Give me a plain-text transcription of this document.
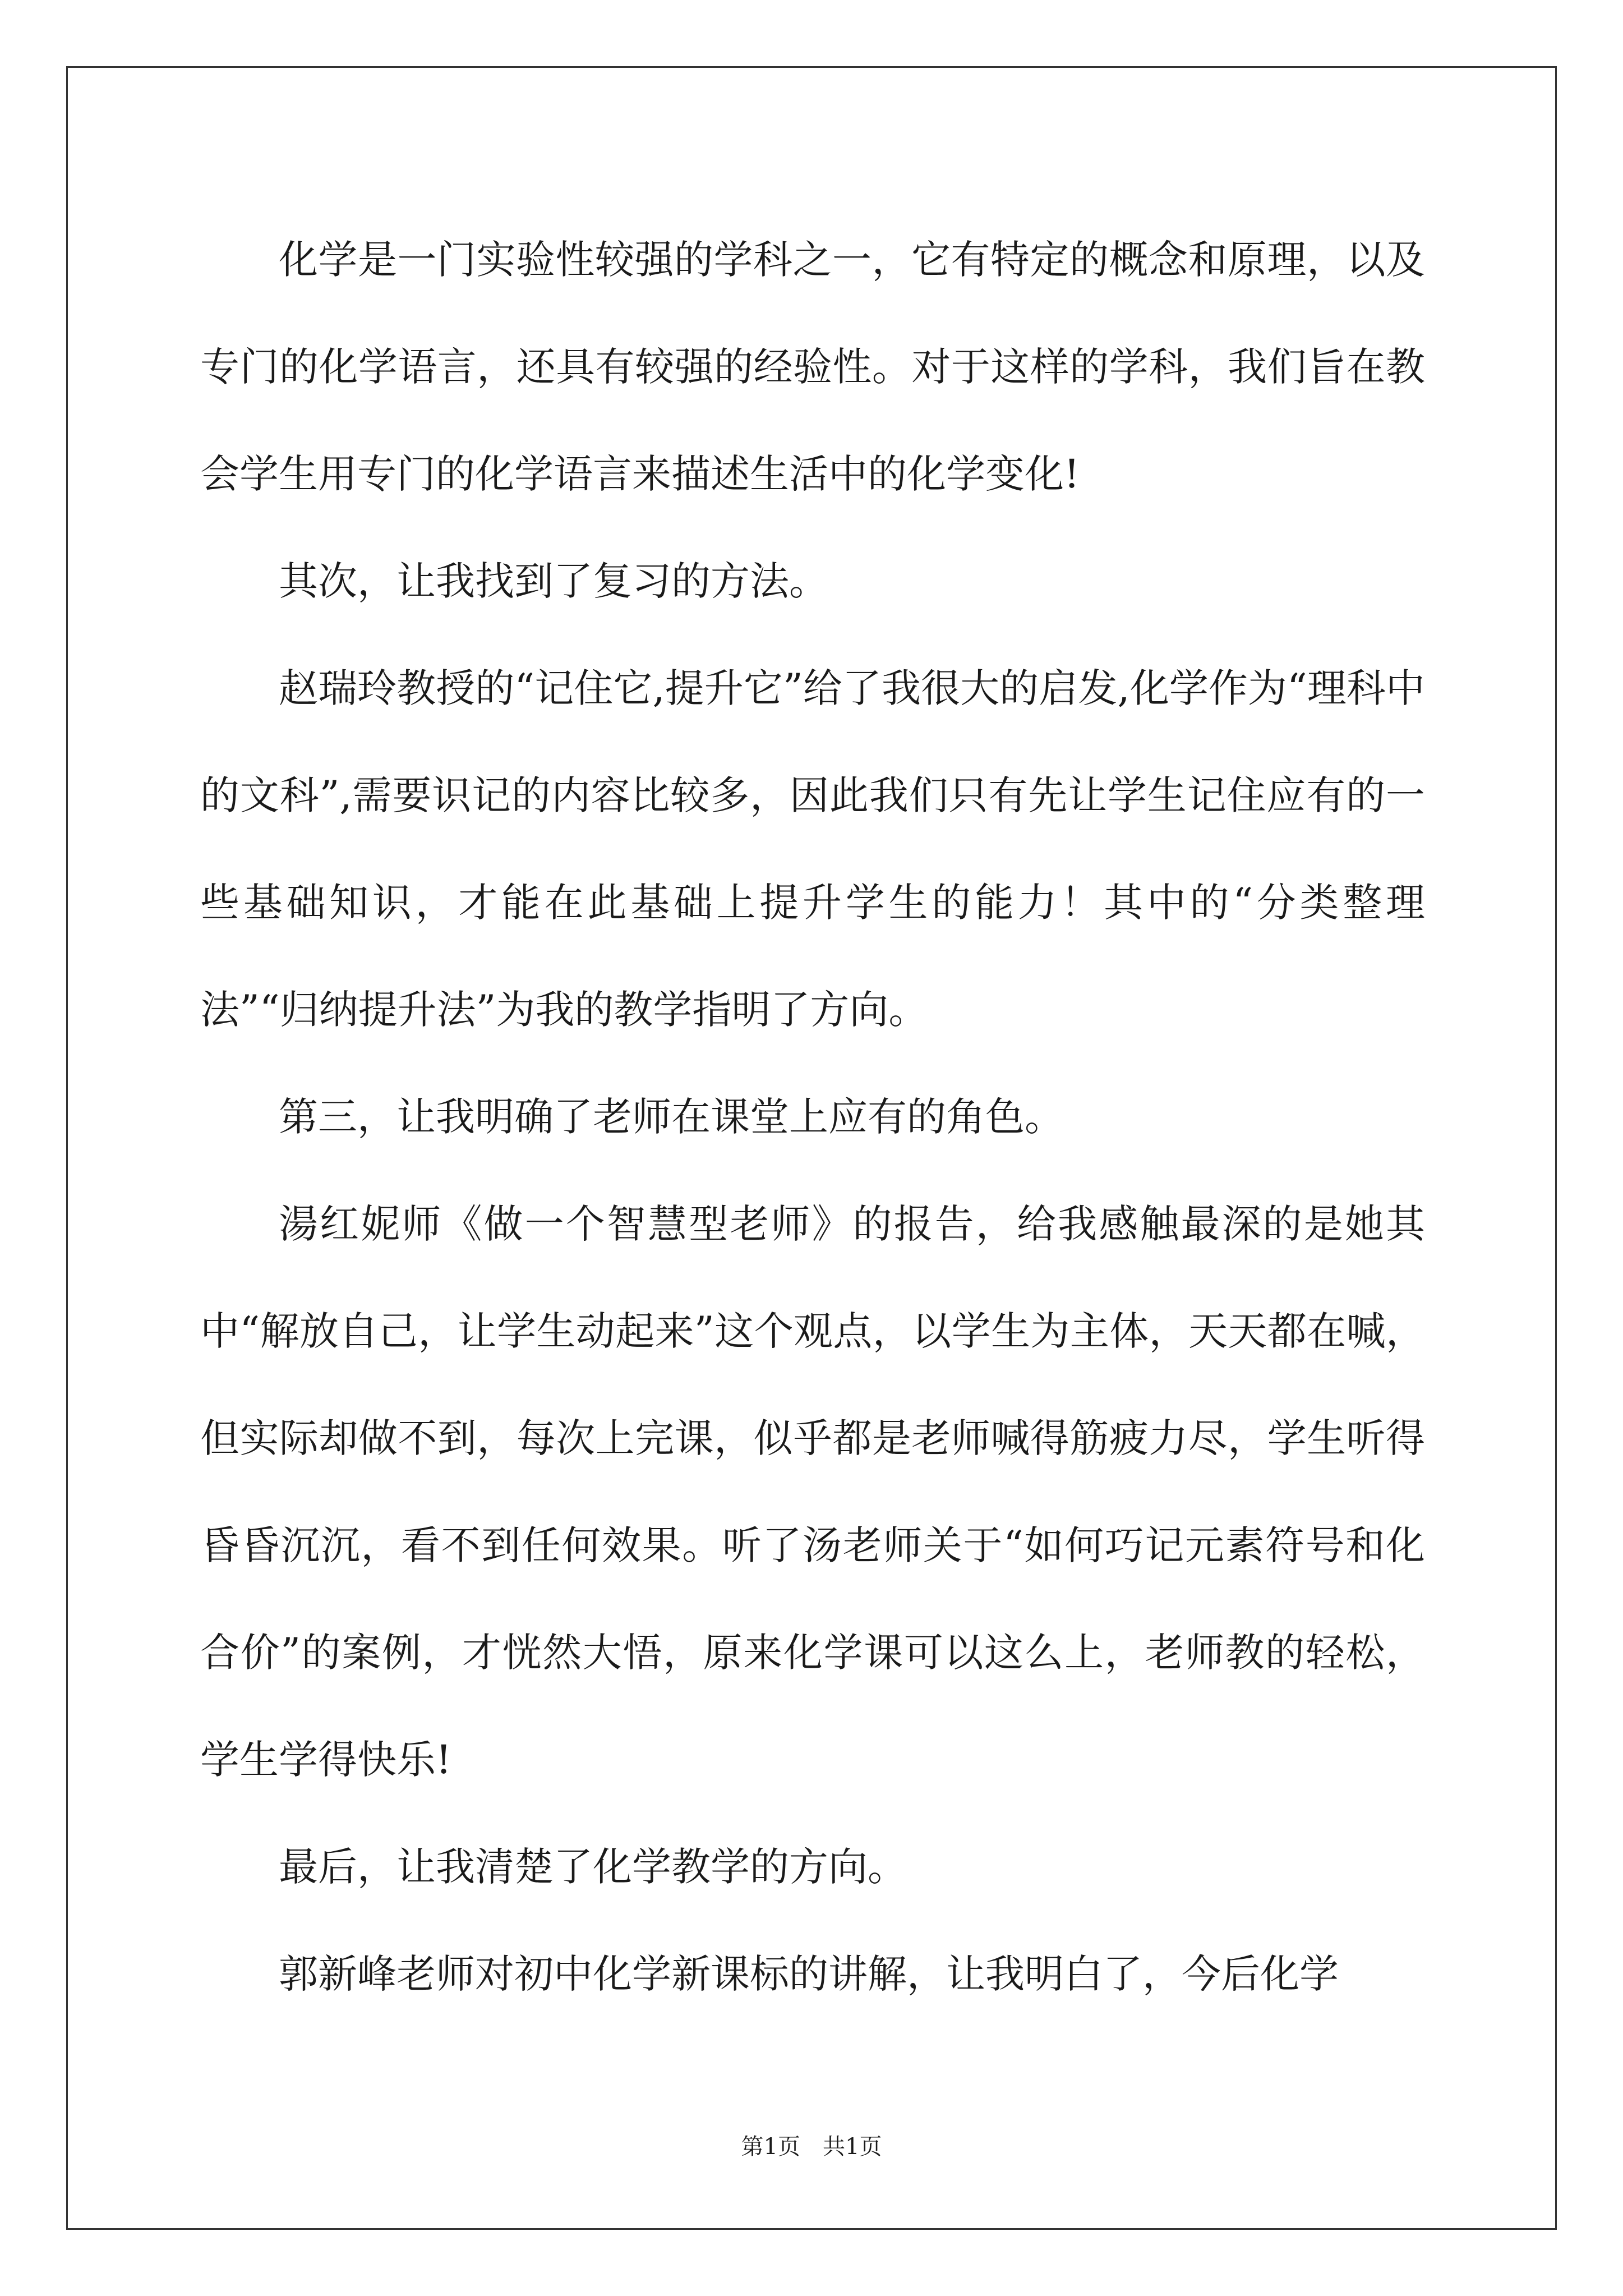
化学是一门实验性较强的学科之一，它有特定的概念和原理，以及专门的化学语言，还具有较强的经验性。对于这样的学科，我们旨在教会学生用专门的化学语言来描述生活中的化学变化!

其次，让我找到了复习的方法。

赵瑞玲教授的“记住它,提升它”给了我很大的启发,化学作为“理科中的文科”,需要识记的内容比较多，因此我们只有先让学生记住应有的一些基础知识，才能在此基础上提升学生的能力！其中的“分类整理法”“归纳提升法”为我的教学指明了方向。

第三，让我明确了老师在课堂上应有的角色。

湯红妮师《做一个智慧型老师》的报告，给我感触最深的是她其中“解放自己，让学生动起来”这个观点，以学生为主体，天天都在喊，但实际却做不到，每次上完课，似乎都是老师喊得筋疲力尽，学生听得昏昏沉沉，看不到任何效果。听了汤老师关于“如何巧记元素符号和化合价”的案例，才恍然大悟，原来化学课可以这么上，老师教的轻松，学生学得快乐!

最后，让我清楚了化学教学的方向。

郭新峰老师对初中化学新课标的讲解，让我明白了，今后化学

第1页 共1页
